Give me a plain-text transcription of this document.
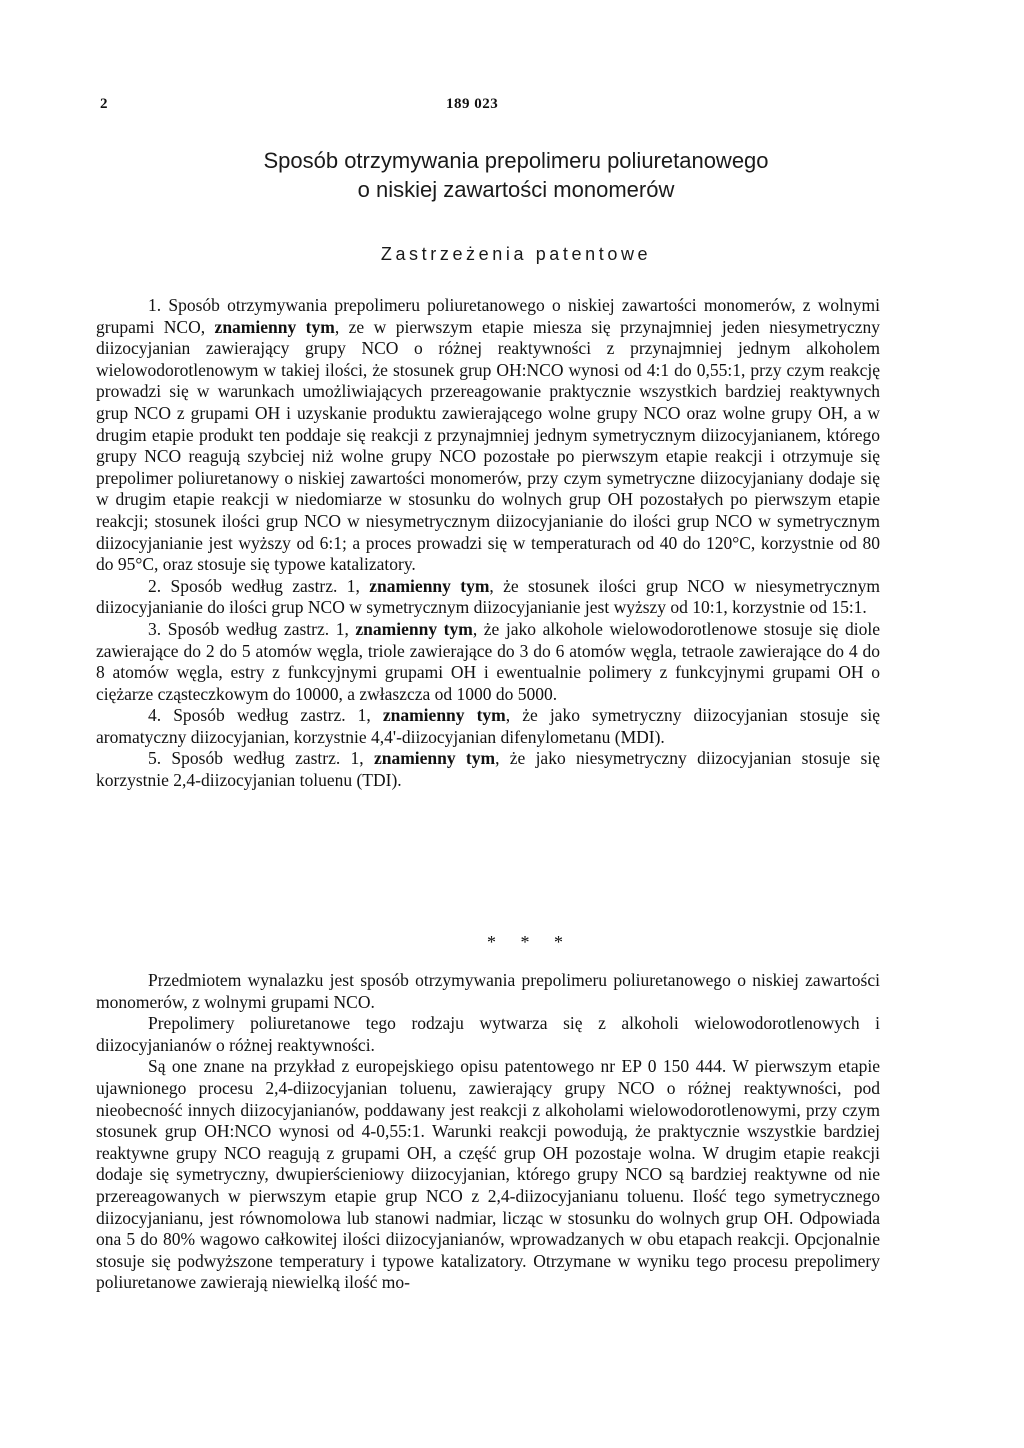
2	189 023
Sposób otrzymywania prepolimeru poliuretanowego
o niskiej zawartości monomerów
Zastrzeżenia patentowe

1. Sposób otrzymywania prepolimeru poliuretanowego o niskiej zawartości monomerów, z wolnymi grupami NCO, znamienny tym, ze w pierwszym etapie miesza się przynajmniej jeden niesymetryczny diizocyjanian zawierający grupy NCO o różnej reaktywności z przynajmniej jednym alkoholem wielowodorotlenowym w takiej ilości, że stosunek grup OH:NCO wynosi od 4:1 do 0,55:1, przy czym reakcję prowadzi się w warunkach umożliwiających przereagowanie praktycznie wszystkich bardziej reaktywnych grup NCO z grupami OH i uzyskanie produktu zawierającego wolne grupy NCO oraz wolne grupy OH, a w drugim etapie produkt ten poddaje się reakcji z przynajmniej jednym symetrycznym diizocyjanianem, którego grupy NCO reagują szybciej niż wolne grupy NCO pozostałe po pierwszym etapie reakcji i otrzymuje się prepolimer poliuretanowy o niskiej zawartości monomerów, przy czym symetryczne diizocyjaniany dodaje się w drugim etapie reakcji w niedomiarze w stosunku do wolnych grup OH pozostałych po pierwszym etapie reakcji; stosunek ilości grup NCO w niesymetrycznym diizocyjanianie do ilości grup NCO w symetrycznym diizocyjanianie jest wyższy od 6:1; a proces prowadzi się w temperaturach od 40 do 120°C, korzystnie od 80 do 95°C, oraz stosuje się typowe katalizatory.

2. Sposób według zastrz. 1, znamienny tym, że stosunek ilości grup NCO w niesymetrycznym diizocyjanianie do ilości grup NCO w symetrycznym diizocyjanianie jest wyższy od 10:1, korzystnie od 15:1.

3. Sposób według zastrz. 1, znamienny tym, że jako alkohole wielowodorotlenowe stosuje się diole zawierające do 2 do 5 atomów węgla, triole zawierające do 3 do 6 atomów węgla, tetraole zawierające do 4 do 8 atomów węgla, estry z funkcyjnymi grupami OH i ewentualnie polimery z funkcyjnymi grupami OH o ciężarze cząsteczkowym do 10000, a zwłaszcza od 1000 do 5000.

4. Sposób według zastrz. 1, znamienny tym, że jako symetryczny diizocyjanian stosuje się aromatyczny diizocyjanian, korzystnie 4,4'-diizocyjanian difenylometanu (MDI).

5. Sposób według zastrz. 1, znamienny tym, że jako niesymetryczny diizocyjanian stosuje się korzystnie 2,4-diizocyjanian toluenu (TDI).

* * *

Przedmiotem wynalazku jest sposób otrzymywania prepolimeru poliuretanowego o niskiej zawartości monomerów, z wolnymi grupami NCO.

Prepolimery poliuretanowe tego rodzaju wytwarza się z alkoholi wielowodorotlenowych i diizocyjanianów o różnej reaktywności.

Są one znane na przykład z europejskiego opisu patentowego nr EP 0 150 444. W pierwszym etapie ujawnionego procesu 2,4-diizocyjanian toluenu, zawierający grupy NCO o różnej reaktywności, pod nieobecność innych diizocyjanianów, poddawany jest reakcji z alkoholami wielowodorotlenowymi, przy czym stosunek grup OH:NCO wynosi od 4-0,55:1. Warunki reakcji powodują, że praktycznie wszystkie bardziej reaktywne grupy NCO reagują z grupami OH, a część grup OH pozostaje wolna. W drugim etapie reakcji dodaje się symetryczny, dwupierścieniowy diizocyjanian, którego grupy NCO są bardziej reaktywne od nie przereagowanych w pierwszym etapie grup NCO z 2,4-diizocyjanianu toluenu. Ilość tego symetrycznego diizocyjanianu, jest równomolowa lub stanowi nadmiar, licząc w stosunku do wolnych grup OH. Odpowiada ona 5 do 80% wagowo całkowitej ilości diizocyjanianów, wprowadzanych w obu etapach reakcji. Opcjonalnie stosuje się podwyższone temperatury i typowe katalizatory. Otrzymane w wyniku tego procesu prepolimery poliuretanowe zawierają niewielką ilość mo-
